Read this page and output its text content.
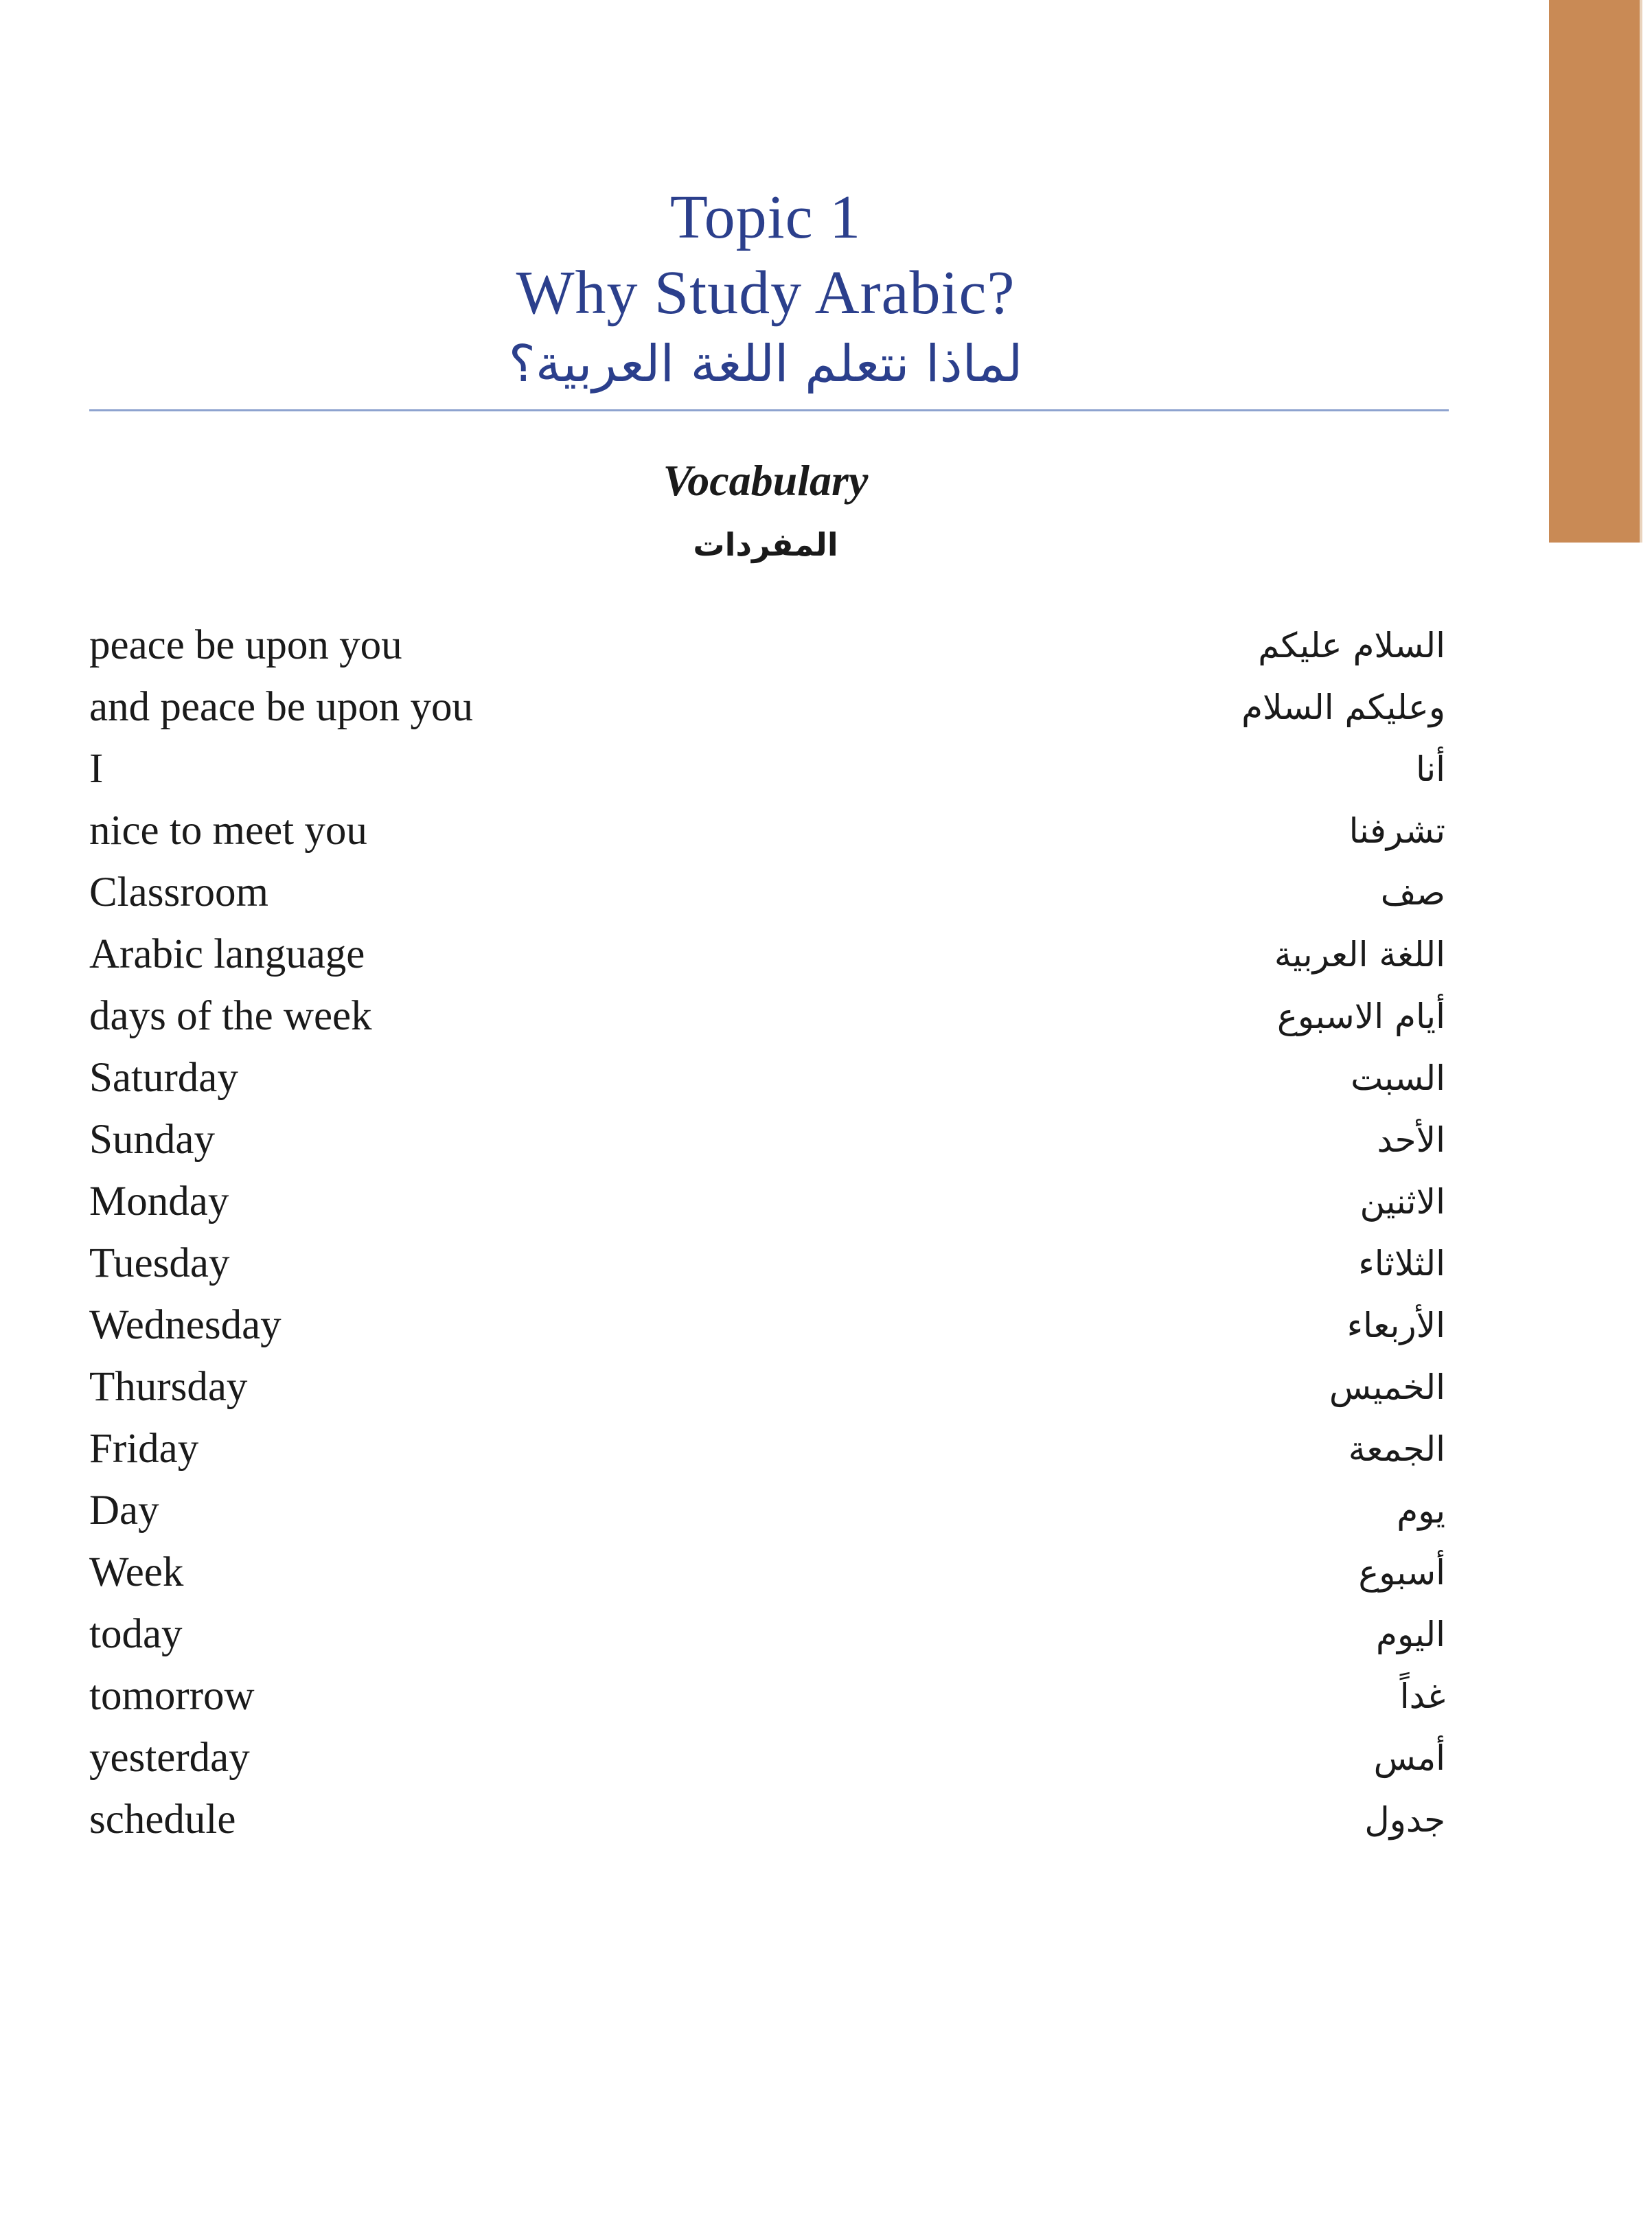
Topic 1
Why Study Arabic?
لماذا نتعلم اللغة العربية؟
Vocabulary
المفردات
peace be upon you	السلام عليكم
and peace be upon you	وعليكم السلام
I	أنا
nice to meet you	تشرفنا
Classroom	صف
Arabic language	اللغة العربية
days of the week	أيام الاسبوع
Saturday	السبت
Sunday	الأحد
Monday	الاثنين
Tuesday	الثلاثاء
Wednesday	الأربعاء
Thursday	الخميس
Friday	الجمعة
Day	يوم
Week	أسبوع
today	اليوم
tomorrow	غداً
yesterday	أمس
schedule	جدول
